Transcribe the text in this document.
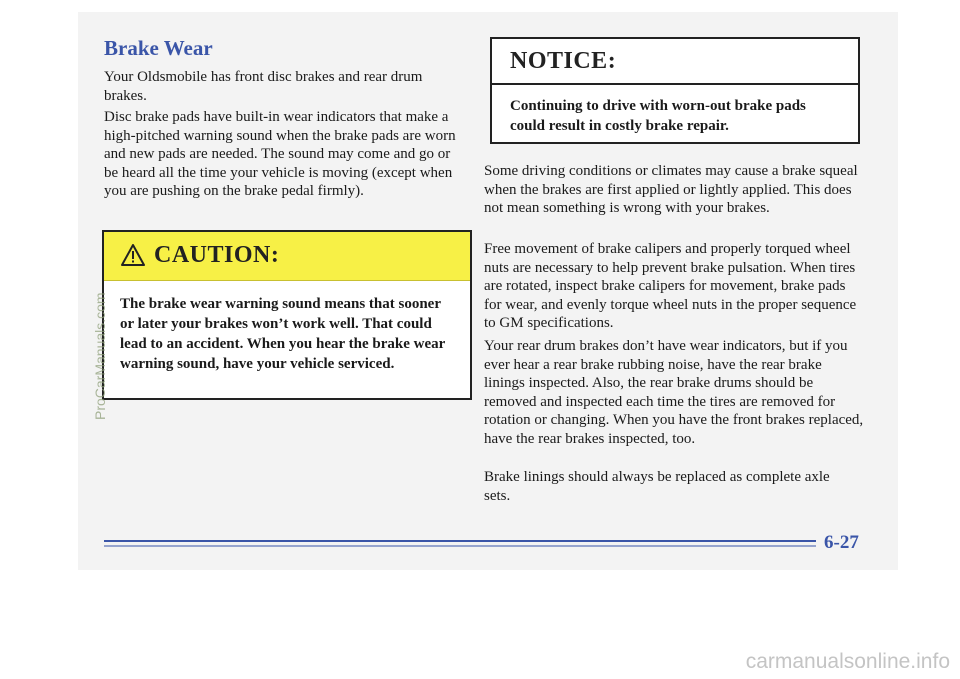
Brake Wear

Your Oldsmobile has front disc brakes and rear drum brakes.

Disc brake pads have built-in wear indicators that make a high-pitched warning sound when the brake pads are worn and new pads are needed. The sound may come and go or be heard all the time your vehicle is moving (except when you are pushing on the brake pedal firmly).

CAUTION:

The brake wear warning sound means that sooner or later your brakes won’t work well. That could lead to an accident. When you hear the brake wear warning sound, have your vehicle serviced.

NOTICE:

Continuing to drive with worn-out brake pads could result in costly brake repair.

Some driving conditions or climates may cause a brake squeal when the brakes are first applied or lightly applied. This does not mean something is wrong with your brakes.

Free movement of brake calipers and properly torqued wheel nuts are necessary to help prevent brake pulsation. When tires are rotated, inspect brake calipers for movement, brake pads for wear, and evenly torque wheel nuts in the proper sequence to GM specifications.

Your rear drum brakes don’t have wear indicators, but if you ever hear a rear brake rubbing noise, have the rear brake linings inspected. Also, the rear brake drums should be removed and inspected each time the tires are removed for rotation or changing. When you have the front brakes replaced, have the rear brakes inspected, too.

Brake linings should always be replaced as complete axle sets.

6-27

ProCarManuals.com

carmanualsonline.info
